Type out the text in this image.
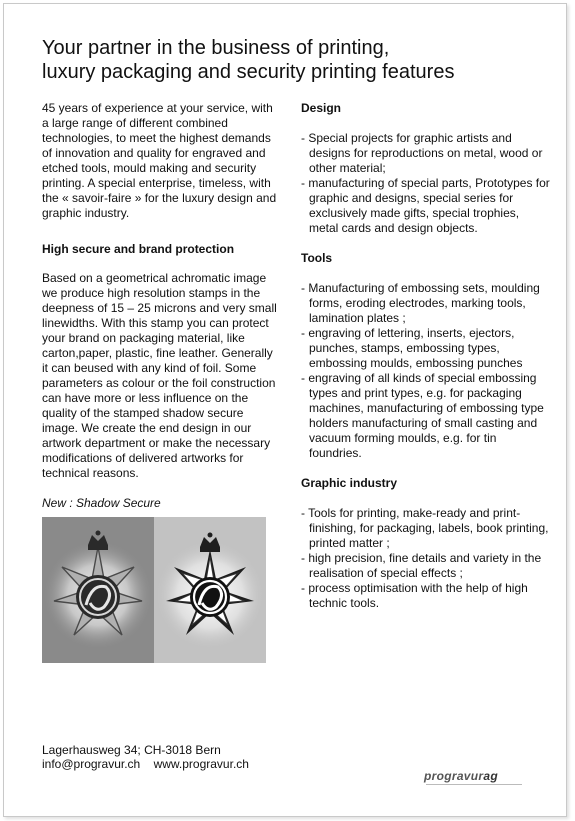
Your partner in the business of printing,
luxury packaging and security printing features

45 years of experience at your service, with a large range of different combined technologies, to meet the highest demands of innovation and quality for engraved and etched tools, mould making and security printing. A special enterprise, timeless, with the « savoir-faire » for the luxury design and graphic industry.

High secure and brand protection

Based on a geometrical achromatic image we produce high resolution stamps in the deepness of 15 – 25 microns and very small linewidths. With this stamp you can protect your brand on packaging material, like carton,paper, plastic, fine leather. Generally it can beused with any kind of foil. Some parameters as colour or the foil construction can have more or less influence on the quality of the stamped shadow secure image. We create the end design in our artwork department or make the necessary modifications of delivered artworks for technical reasons.

New : Shadow Secure

Design

- Special projects for graphic artists and designs for reproductions on metal, wood or other material;
- manufacturing of special parts, Prototypes for graphic and designs, special series for exclusively made gifts, special trophies, metal cards and design objects.

Tools

- Manufacturing of embossing sets, moulding forms, eroding electrodes, marking tools, lamination plates ;
- engraving of lettering, inserts, ejectors, punches, stamps, embossing types, embossing moulds, embossing punches
- engraving of all kinds of special embossing types and print types, e.g. for packaging machines, manufacturing of embossing type holders manufacturing of small casting and vacuum forming moulds, e.g. for tin foundries.

Graphic industry

- Tools for printing, make-ready and print-finishing, for packaging, labels, book printing, printed matter ;
- high precision, fine details and variety in the realisation of special effects ;
- process optimisation with the help of high technic tools.
Lagerhausweg 34; CH-3018 Bern
info@progravur.ch www.progravur.ch
progravurag
